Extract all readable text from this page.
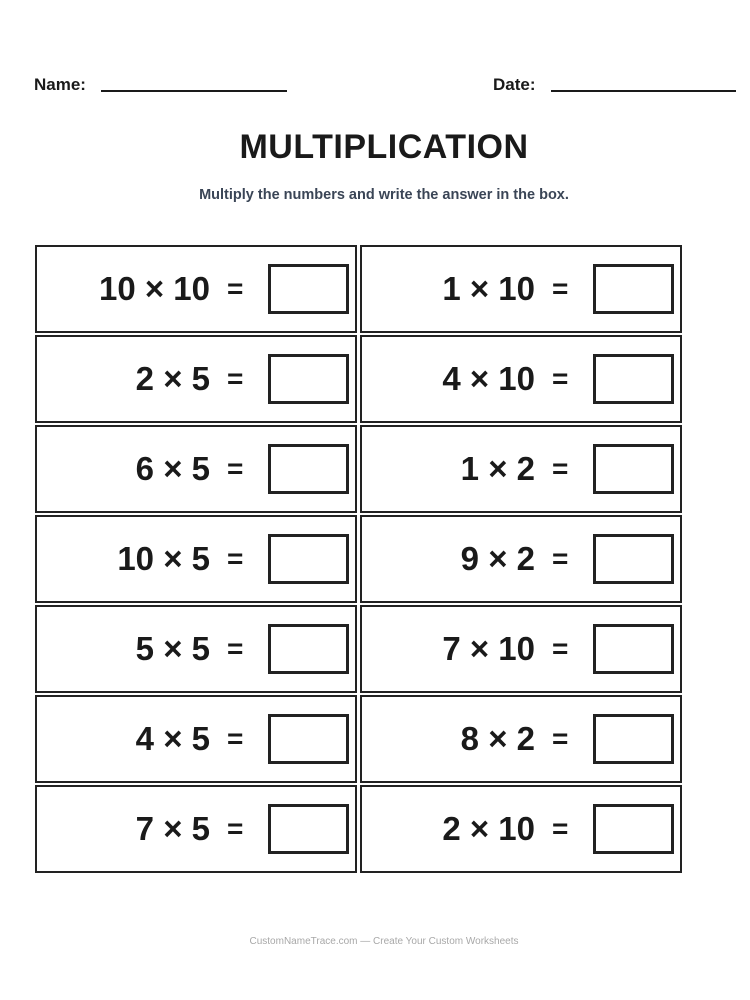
Name:	Date:
MULTIPLICATION
Multiply the numbers and write the answer in the box.
10 × 10 =	1 × 10 =
2 × 5 =	4 × 10 =
6 × 5 =	1 × 2 =
10 × 5 =	9 × 2 =
5 × 5 =	7 × 10 =
4 × 5 =	8 × 2 =
7 × 5 =	2 × 10 =
CustomNameTrace.com — Create Your Custom Worksheets
